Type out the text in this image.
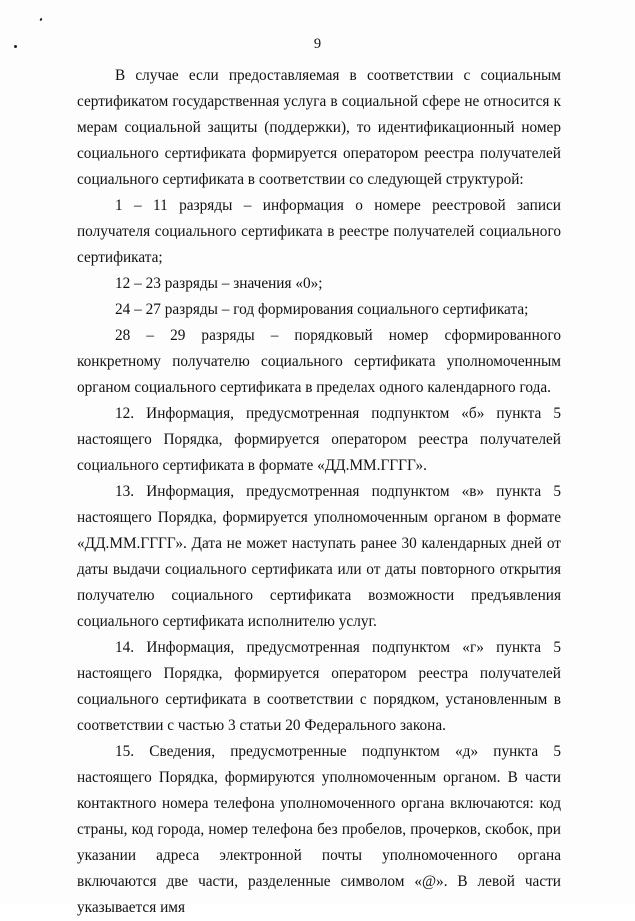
9

В случае если предоставляемая в соответствии с социальным сертификатом государственная услуга в социальной сфере не относится к мерам социальной защиты (поддержки), то идентификационный номер социального сертификата формируется оператором реестра получателей социального сертификата в соответствии со следующей структурой:

1 – 11 разряды – информация о номере реестровой записи получателя социального сертификата в реестре получателей социального сертификата;

12 – 23 разряды – значения «0»;

24 – 27 разряды – год формирования социального сертификата;

28 – 29 разряды – порядковый номер сформированного конкретному получателю социального сертификата уполномоченным органом социального сертификата в пределах одного календарного года.

12. Информация, предусмотренная подпунктом «б» пункта 5 настоящего Порядка, формируется оператором реестра получателей социального сертификата в формате «ДД.ММ.ГГГГ».

13. Информация, предусмотренная подпунктом «в» пункта 5 настоящего Порядка, формируется уполномоченным органом в формате «ДД.ММ.ГГГГ». Дата не может наступать ранее 30 календарных дней от даты выдачи социального сертификата или от даты повторного открытия получателю социального сертификата возможности предъявления социального сертификата исполнителю услуг.

14. Информация, предусмотренная подпунктом «г» пункта 5 настоящего Порядка, формируется оператором реестра получателей социального сертификата в соответствии с порядком, установленным в соответствии с частью 3 статьи 20 Федерального закона.

15. Сведения, предусмотренные подпунктом «д» пункта 5 настоящего Порядка, формируются уполномоченным органом. В части контактного номера телефона уполномоченного органа включаются: код страны, код города, номер телефона без пробелов, прочерков, скобок, при указании адреса электронной почты уполномоченного органа включаются две части, разделенные символом «@». В левой части указывается имя
